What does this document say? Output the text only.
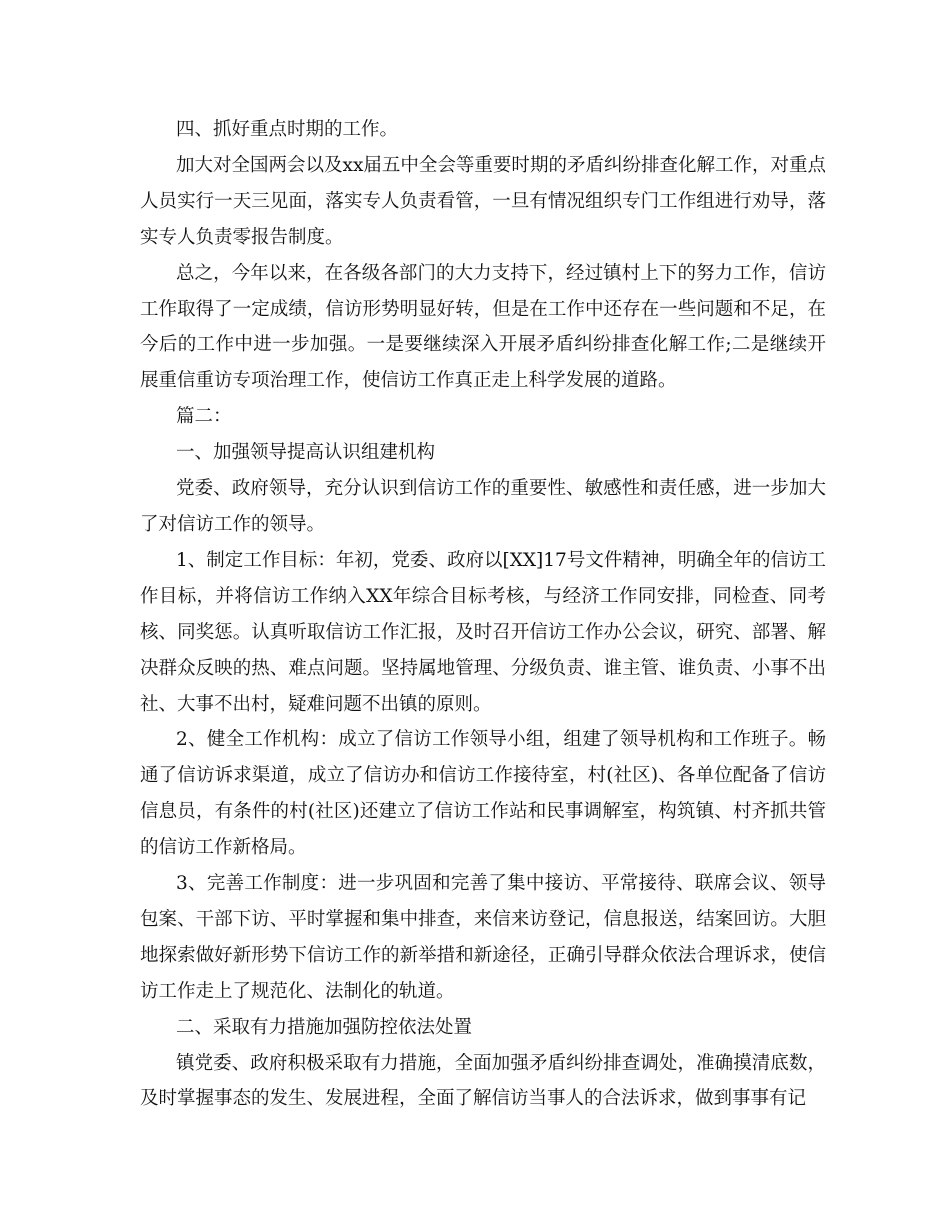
四、抓好重点时期的工作。

加大对全国两会以及xx届五中全会等重要时期的矛盾纠纷排查化解工作，对重点人员实行一天三见面，落实专人负责看管，一旦有情况组织专门工作组进行劝导，落实专人负责零报告制度。

总之，今年以来，在各级各部门的大力支持下，经过镇村上下的努力工作，信访工作取得了一定成绩，信访形势明显好转，但是在工作中还存在一些问题和不足，在今后的工作中进一步加强。一是要继续深入开展矛盾纠纷排查化解工作;二是继续开展重信重访专项治理工作，使信访工作真正走上科学发展的道路。

篇二：

一、加强领导提高认识组建机构

党委、政府领导，充分认识到信访工作的重要性、敏感性和责任感，进一步加大了对信访工作的领导。

1、制定工作目标：年初，党委、政府以[XX]17号文件精神，明确全年的信访工作目标，并将信访工作纳入XX年综合目标考核，与经济工作同安排，同检查、同考核、同奖惩。认真听取信访工作汇报，及时召开信访工作办公会议，研究、部署、解决群众反映的热、难点问题。坚持属地管理、分级负责、谁主管、谁负责、小事不出社、大事不出村，疑难问题不出镇的原则。

2、健全工作机构：成立了信访工作领导小组，组建了领导机构和工作班子。畅通了信访诉求渠道，成立了信访办和信访工作接待室，村(社区)、各单位配备了信访信息员，有条件的村(社区)还建立了信访工作站和民事调解室，构筑镇、村齐抓共管的信访工作新格局。

3、完善工作制度：进一步巩固和完善了集中接访、平常接待、联席会议、领导包案、干部下访、平时掌握和集中排查，来信来访登记，信息报送，结案回访。大胆地探索做好新形势下信访工作的新举措和新途径，正确引导群众依法合理诉求，使信访工作走上了规范化、法制化的轨道。

二、采取有力措施加强防控依法处置

镇党委、政府积极采取有力措施，全面加强矛盾纠纷排查调处，准确摸清底数，及时掌握事态的发生、发展进程，全面了解信访当事人的合法诉求，做到事事有记
